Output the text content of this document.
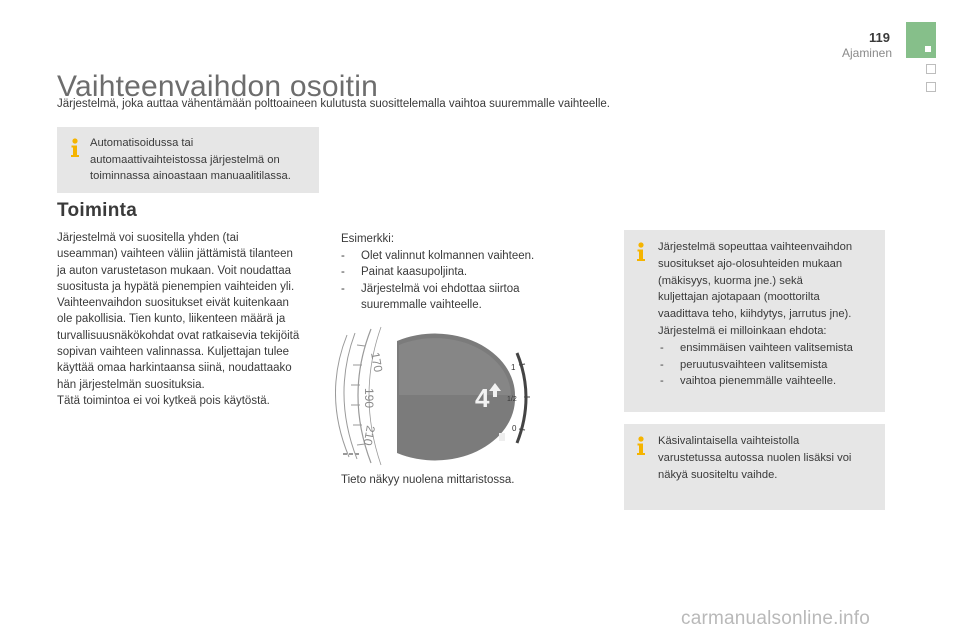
119
Ajaminen
Vaihteenvaihdon osoitin
Järjestelmä, joka auttaa vähentämään polttoaineen kulutusta suosittelemalla vaihtoa suuremmalle vaihteelle.
Automatisoidussa tai
automaattivaihteistossa järjestelmä on
toiminnassa ainoastaan manuaalitilassa.
Toiminta
Järjestelmä voi suositella yhden (tai
useamman) vaihteen väliin jättämistä tilanteen
ja auton varustetason mukaan. Voit noudattaa
suositusta ja hypätä pienempien vaihteiden yli.
Vaihteenvaihdon suositukset eivät kuitenkaan
ole pakollisia. Tien kunto, liikenteen määrä ja
turvallisuusnäkökohdat ovat ratkaisevia tekijöitä
sopivan vaihteen valinnassa. Kuljettajan tulee
käyttää omaa harkintaansa siinä, noudattaako
hän järjestelmän suosituksia.
Tätä toimintoa ei voi kytkeä pois käytöstä.
Esimerkki:
- Olet valinnut kolmannen vaihteen.
- Painat kaasupoljinta.
- Järjestelmä voi ehdottaa siirtoa suuremmalle vaihteelle.
170
190
210
4
1
1/2
0
Tieto näkyy nuolena mittaristossa.
Järjestelmä sopeuttaa vaihteenvaihdon
suositukset ajo-olosuhteiden mukaan
(mäkisyys, kuorma jne.) sekä
kuljettajan ajotapaan (moottorilta
vaadittava teho, kiihdytys, jarrutus jne).
Järjestelmä ei milloinkaan ehdota:
- ensimmäisen vaihteen valitsemista
- peruutusvaihteen valitsemista
- vaihtoa pienemmälle vaihteelle.
Käsivalintaisella vaihteistolla
varustetussa autossa nuolen lisäksi voi
näkyä suositeltu vaihde.
carmanualsonline.info
